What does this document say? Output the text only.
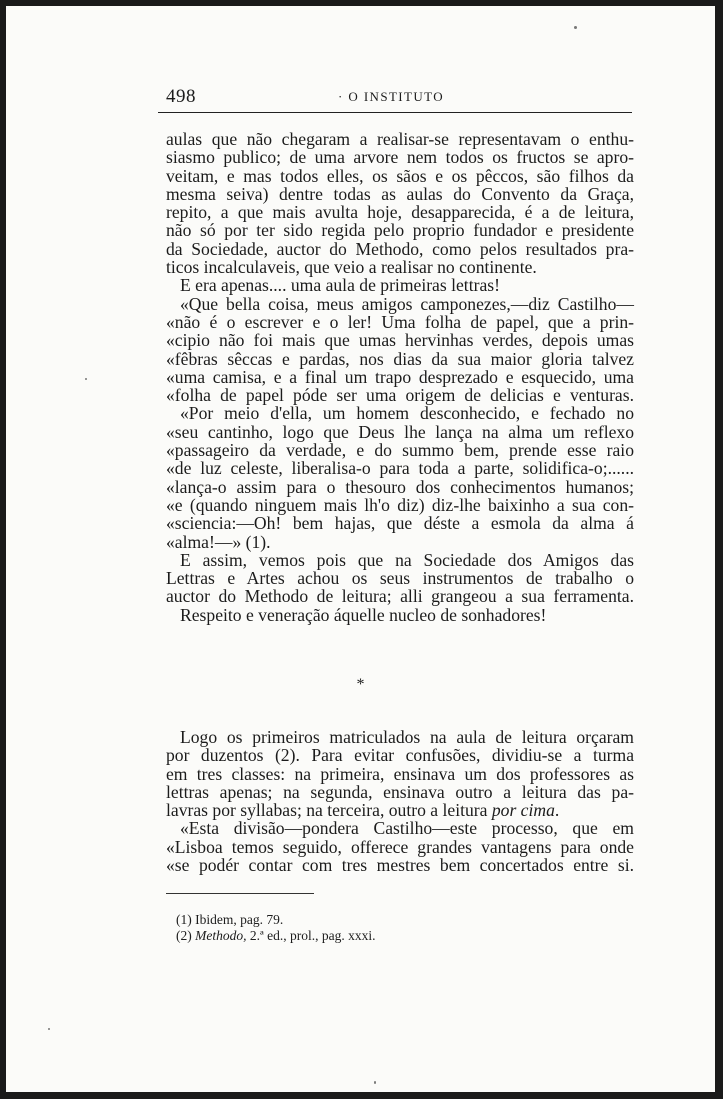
498	· O INSTITUTO
aulas que não chegaram a realisar-se representavam o enthu-
siasmo publico; de uma arvore nem todos os fructos se apro-
veitam, e mas todos elles, os sãos e os pêccos, são filhos da
mesma seiva) dentre todas as aulas do Convento da Graça,
repito, a que mais avulta hoje, desapparecida, é a de leitura,
não só por ter sido regida pelo proprio fundador e presidente
da Sociedade, auctor do Methodo, como pelos resultados pra-
ticos incalculaveis, que veio a realisar no continente.
E era apenas.... uma aula de primeiras lettras!
«Que bella coisa, meus amigos camponezes,—diz Castilho—
«não é o escrever e o ler! Uma folha de papel, que a prin-
«cipio não foi mais que umas hervinhas verdes, depois umas
«fêbras sêccas e pardas, nos dias da sua maior gloria talvez
«uma camisa, e a final um trapo desprezado e esquecido, uma
«folha de papel póde ser uma origem de delicias e venturas.
«Por meio d'ella, um homem desconhecido, e fechado no
«seu cantinho, logo que Deus lhe lança na alma um reflexo
«passageiro da verdade, e do summo bem, prende esse raio
«de luz celeste, liberalisa-o para toda a parte, solidifica-o;......
«lança-o assim para o thesouro dos conhecimentos humanos;
«e (quando ninguem mais lh'o diz) diz-lhe baixinho a sua con-
«sciencia:—Oh! bem hajas, que déste a esmola da alma á
«alma!—» (1).
E assim, vemos pois que na Sociedade dos Amigos das
Lettras e Artes achou os seus instrumentos de trabalho o
auctor do Methodo de leitura; alli grangeou a sua ferramenta.
Respeito e veneração áquelle nucleo de sonhadores!
*
Logo os primeiros matriculados na aula de leitura orçaram
por duzentos (2). Para evitar confusões, dividiu-se a turma
em tres classes: na primeira, ensinava um dos professores as
lettras apenas; na segunda, ensinava outro a leitura das pa-
lavras por syllabas; na terceira, outro a leitura por cima.
«Esta divisão—pondera Castilho—este processo, que em
«Lisboa temos seguido, offerece grandes vantagens para onde
«se podér contar com tres mestres bem concertados entre si.
(1) Ibidem, pag. 79.
(2) Methodo, 2.ª ed., prol., pag. xxxi.
